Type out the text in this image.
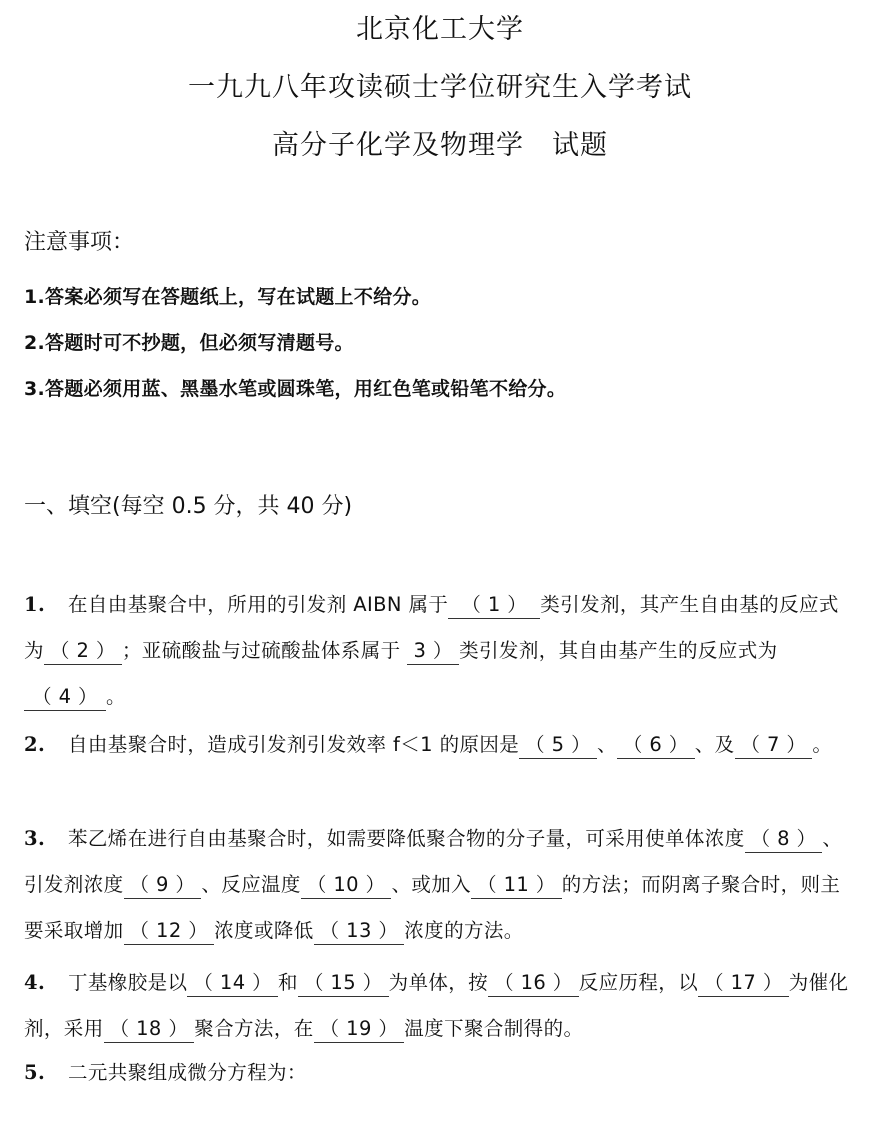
北京化工大学
一九九八年攻读硕士学位研究生入学考试
高分子化学及物理学 试题
注意事项：
1.答案必须写在答题纸上，写在试题上不给分。
2.答题时可不抄题，但必须写清题号。
3.答题必须用蓝、黑墨水笔或圆珠笔，用红色笔或铅笔不给分。
一、填空(每空 0.5 分，共 40 分)
1. 在自由基聚合中，所用的引发剂 AIBN 属于 （ 1 ） 类引发剂，其产生自由基的反应式为 （ 2 ） ；亚硫酸盐与过硫酸盐体系属于 3 ） 类引发剂，其自由基产生的反应式为（ 4 ） 。
2. 自由基聚合时，造成引发剂引发效率 f＜1 的原因是 （ 5 ） 、 （ 6 ） 、及 （ 7 ） 。
3. 苯乙烯在进行自由基聚合时，如需要降低聚合物的分子量，可采用使单体浓度 （ 8 ） 、引发剂浓度 （ 9 ） 、反应温度 （ 10 ） 、或加入 （ 11 ） 的方法；而阴离子聚合时，则主要采取增加 （ 12 ） 浓度或降低 （ 13 ） 浓度的方法。
4. 丁基橡胶是以 （ 14 ） 和 （ 15 ） 为单体，按 （ 16 ） 反应历程，以 （ 17 ） 为催化剂，采用 （ 18 ） 聚合方法，在 （ 19 ） 温度下聚合制得的。
5. 二元共聚组成微分方程为：
